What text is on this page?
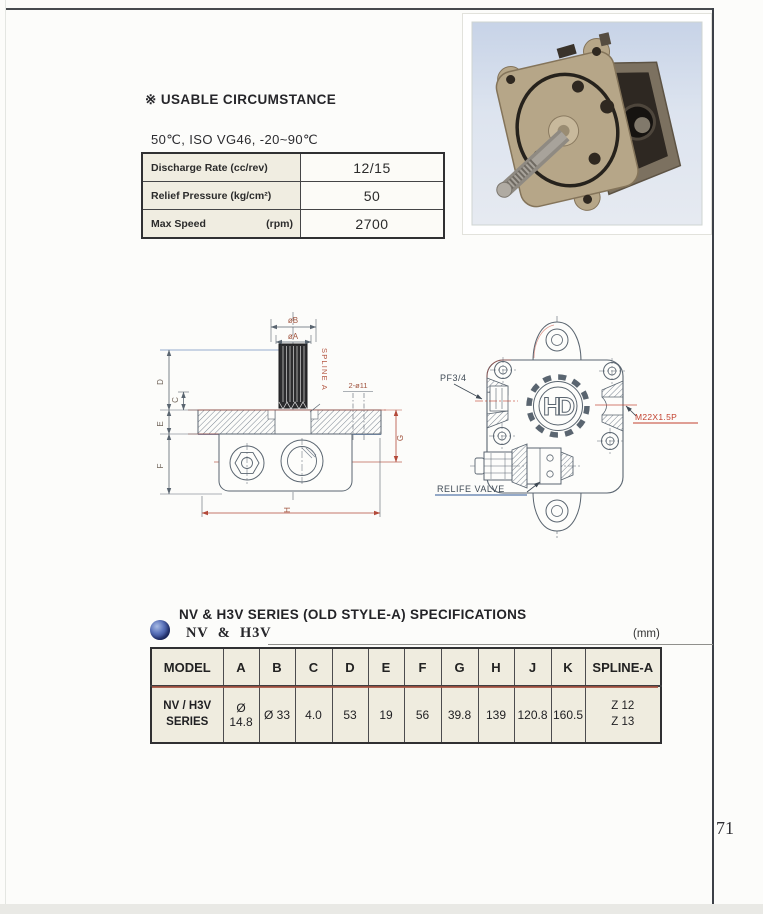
※ USABLE CIRCUMSTANCE
50℃, ISO VG46, -20~90℃
Discharge Rate (cc/rev)	12/15

Relief Pressure (kg/cm²)	50

Max Speed (rpm)	2700
øB
øA
SPLINE A	2-ø11
D
C
E
F
G
H
HD
PF3/4
M22X1.5P
RELIFE VALVE
NV & H3V SERIES (OLD STYLE-A) SPECIFICATIONS
NV & H3V	(mm)
MODEL	A	B	C	D	E	F	G	H	J	K	SPLINE-A

NV / H3V
SERIES	Ø 14.8	Ø 33	4.0	53	19	56	39.8	139	120.8	160.5	Z 12
Z 13
71
